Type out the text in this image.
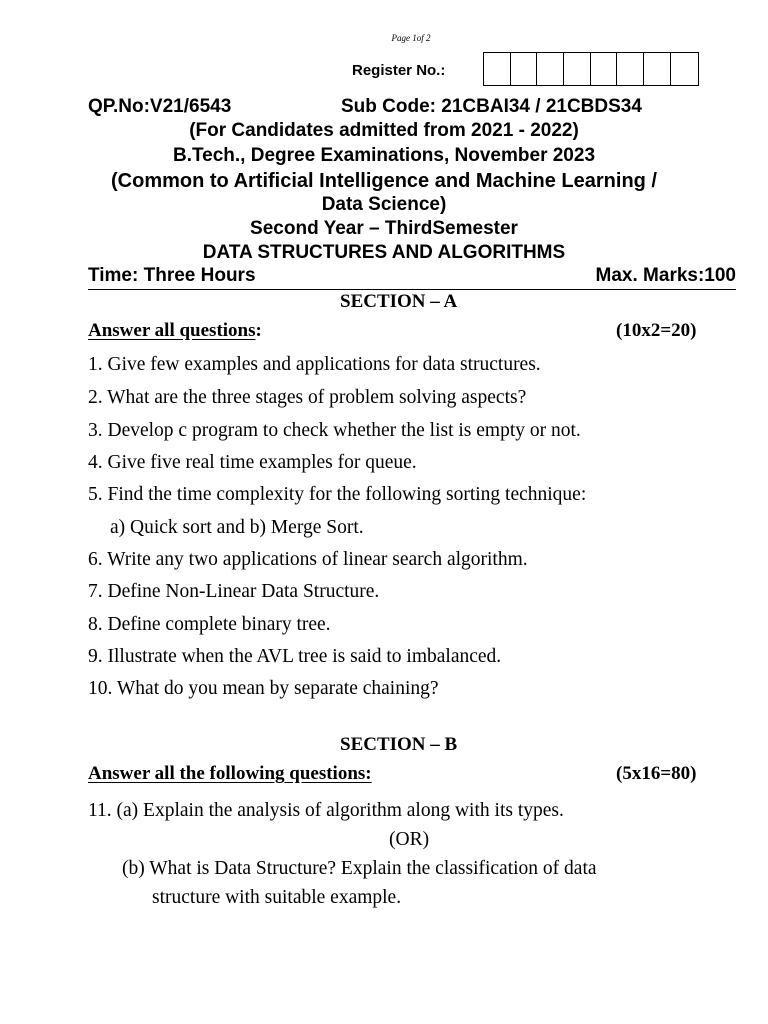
Page 1of 2
Register No.:
QP.No:V21/6543	Sub Code: 21CBAI34 / 21CBDS34
(For Candidates admitted from 2021 - 2022)
B.Tech., Degree Examinations, November 2023
(Common to Artificial Intelligence and Machine Learning /
Data Science)
Second Year – ThirdSemester
DATA STRUCTURES AND ALGORITHMS
Time: Three Hours	Max. Marks:100
SECTION – A
Answer all questions:	(10x2=20)
1. Give few examples and applications for data structures.
2. What are the three stages of problem solving aspects?
3. Develop c program to check whether the list is empty or not.
4. Give five real time examples for queue.
5. Find the time complexity for the following sorting technique:
a) Quick sort and b) Merge Sort.
6. Write any two applications of linear search algorithm.
7. Define Non-Linear Data Structure.
8. Define complete binary tree.
9. Illustrate when the AVL tree is said to imbalanced.
10. What do you mean by separate chaining?
SECTION – B
Answer all the following questions:	(5x16=80)
11. (a) Explain the analysis of algorithm along with its types.
(OR)
(b) What is Data Structure? Explain the classification of data
structure with suitable example.
